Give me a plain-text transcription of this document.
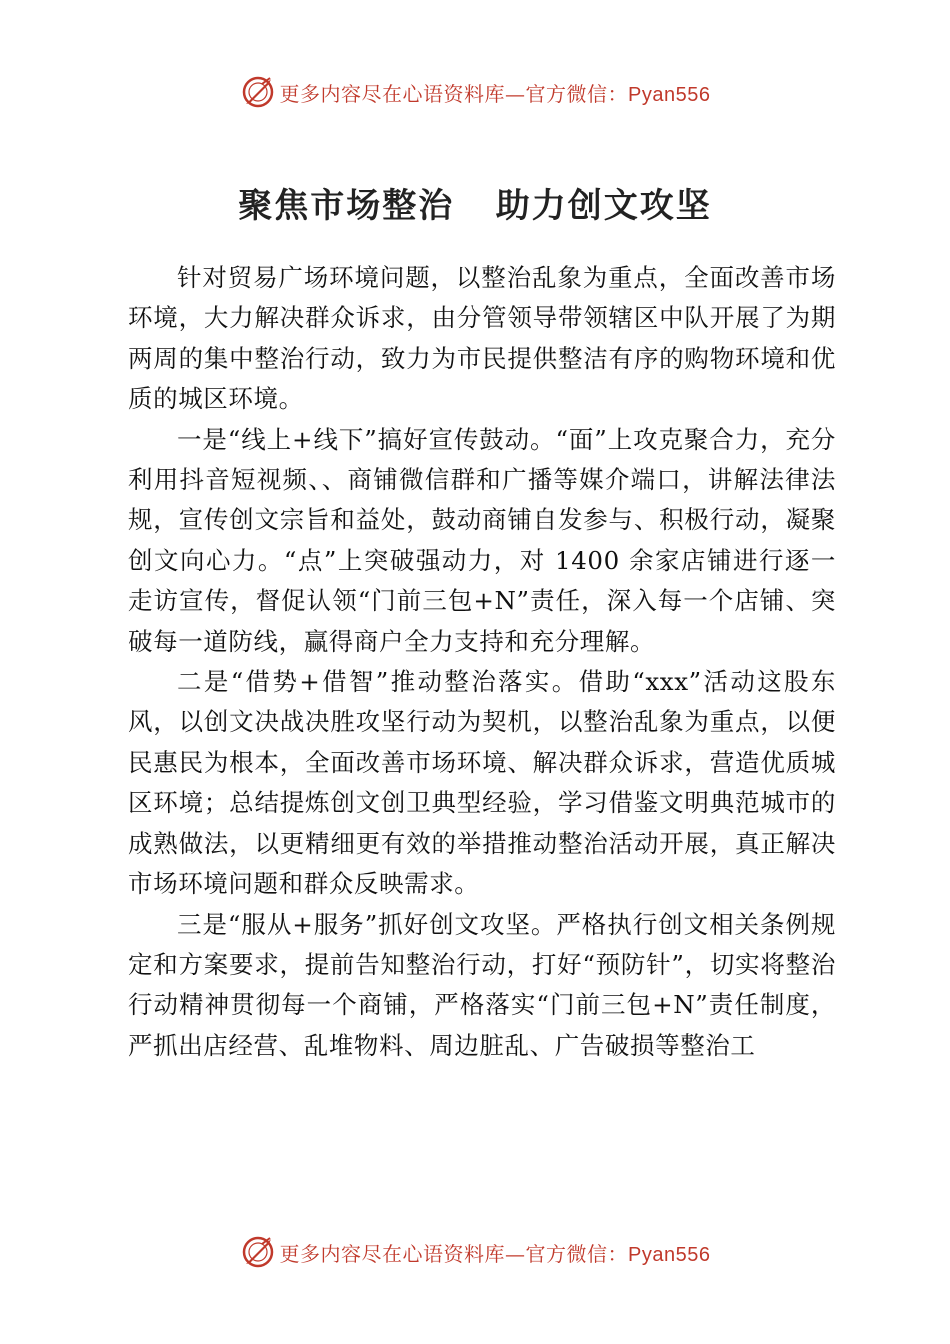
更多内容尽在心语资料库—官方微信：Pyan556
聚焦市场整治   助力创文攻坚

针对贸易广场环境问题，以整治乱象为重点，全面改善市场环境，大力解决群众诉求，由分管领导带领辖区中队开展了为期两周的集中整治行动，致力为市民提供整洁有序的购物环境和优质的城区环境。

一是“线上+线下”搞好宣传鼓动。“面”上攻克聚合力，充分利用抖音短视频、、商铺微信群和广播等媒介端口，讲解法律法规，宣传创文宗旨和益处，鼓动商铺自发参与、积极行动，凝聚创文向心力。“点”上突破强动力，对 1400 余家店铺进行逐一走访宣传，督促认领“门前三包+N”责任，深入每一个店铺、突破每一道防线，赢得商户全力支持和充分理解。

二是“借势+借智”推动整治落实。借助“xxx”活动这股东风，以创文决战决胜攻坚行动为契机，以整治乱象为重点，以便民惠民为根本，全面改善市场环境、解决群众诉求，营造优质城区环境；总结提炼创文创卫典型经验，学习借鉴文明典范城市的成熟做法，以更精细更有效的举措推动整治活动开展，真正解决市场环境问题和群众反映需求。

三是“服从+服务”抓好创文攻坚。严格执行创文相关条例规定和方案要求，提前告知整治行动，打好“预防针”，切实将整治行动精神贯彻每一个商铺，严格落实“门前三包+N”责任制度，严抓出店经营、乱堆物料、周边脏乱、广告破损等整治工

更多内容尽在心语资料库—官方微信：Pyan556
